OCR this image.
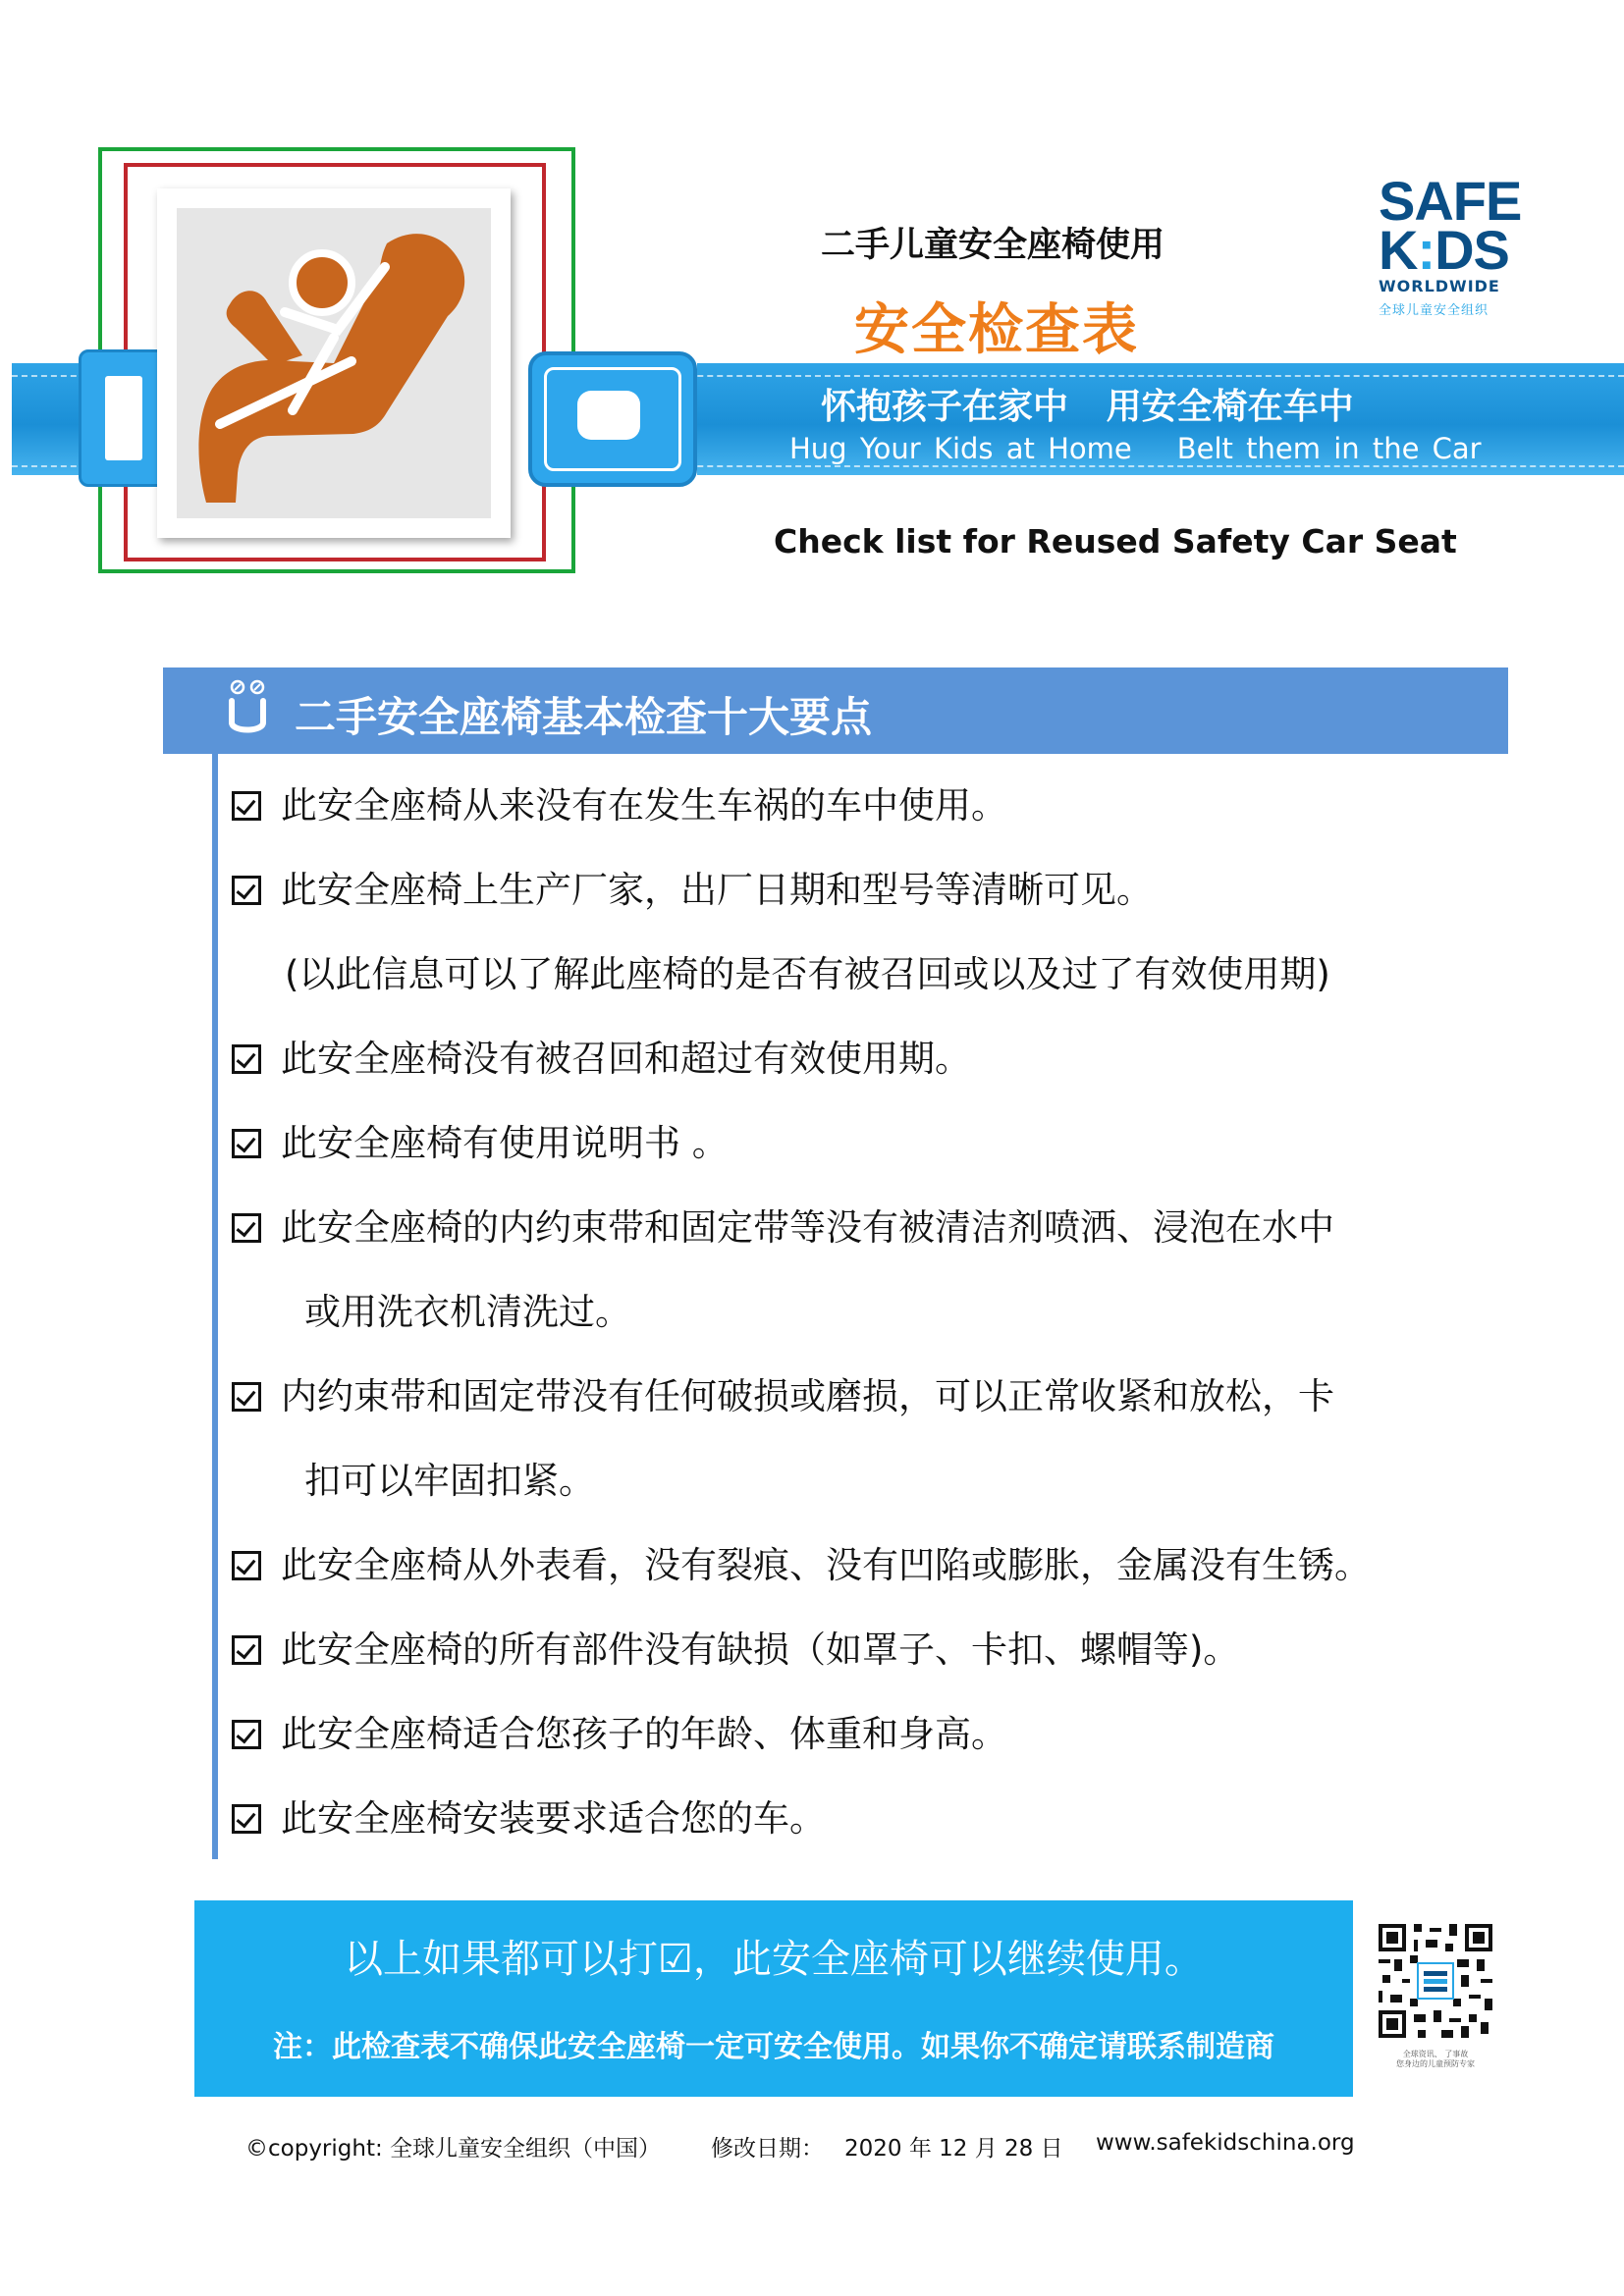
二手儿童安全座椅使用
安全检查表
怀抱孩子在家中 用安全椅在车中
Hug Your Kids at Home Belt them in the Car
Check list for Reused Safety Car Seat
SAFE
K:DS
WORLDWIDE
全球儿童安全组织
二手安全座椅基本检查十大要点
此安全座椅从来没有在发生车祸的车中使用。
此安全座椅上生产厂家，出厂日期和型号等清晰可见。
(以此信息可以了解此座椅的是否有被召回或以及过了有效使用期)
此安全座椅没有被召回和超过有效使用期。
此安全座椅有使用说明书 。
此安全座椅的内约束带和固定带等没有被清洁剂喷洒、浸泡在水中
或用洗衣机清洗过。
内约束带和固定带没有任何破损或磨损，可以正常收紧和放松，卡
扣可以牢固扣紧。
此安全座椅从外表看，没有裂痕、没有凹陷或膨胀，金属没有生锈。
此安全座椅的所有部件没有缺损（如罩子、卡扣、螺帽等)。
此安全座椅适合您孩子的年龄、体重和身高。
此安全座椅安装要求适合您的车。
以上如果都可以打☑，此安全座椅可以继续使用。
注：此检查表不确保此安全座椅一定可安全使用。如果你不确定请联系制造商	全球资讯、 了事故
您身边的儿童预防专家
©copyright: 全球儿童安全组织（中国） 修改日期： 2020 年 12 月 28 日 www.safekidschina.org
